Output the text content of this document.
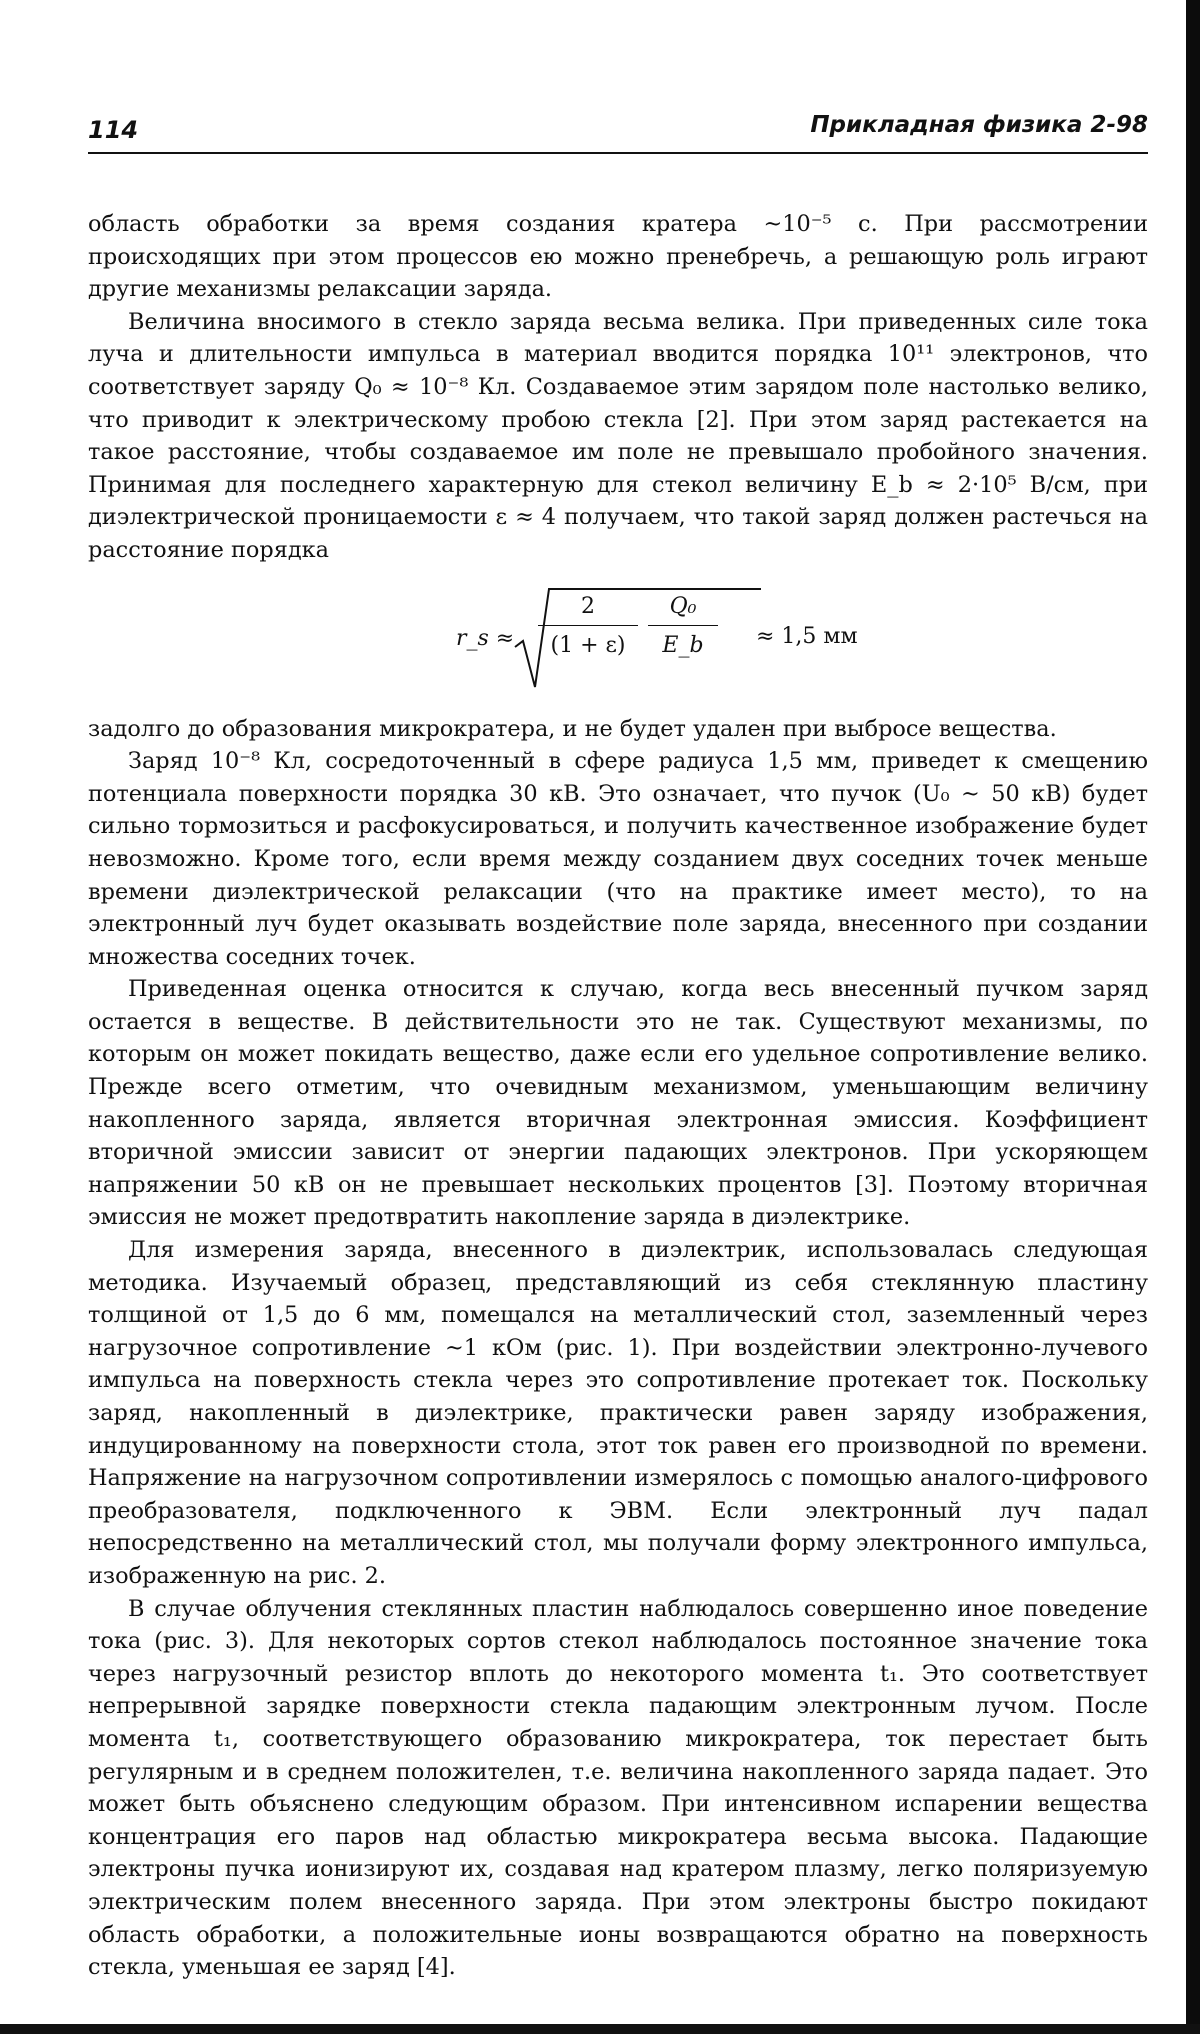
114	Прикладная физика 2-98

область обработки за время создания кратера ~10⁻⁵ с. При рассмотрении происходящих при этом процессов ею можно пренебречь, а решающую роль играют другие механизмы релаксации заряда.

Величина вносимого в стекло заряда весьма велика. При приведенных силе тока луча и длительности импульса в материал вводится порядка 10¹¹ электронов, что соответствует заряду Q₀ ≈ 10⁻⁸ Кл. Создаваемое этим зарядом поле настолько велико, что приводит к электрическому пробою стекла [2]. При этом заряд растекается на такое расстояние, чтобы создаваемое им поле не превышало пробойного значения. Принимая для последнего характерную для стекол величину E_b ≈ 2·10⁵ В/см, при диэлектрической проницаемости ε ≈ 4 получаем, что такой заряд должен растечься на расстояние порядка

r_s ≈ $\frac{2}{(1 + \varepsilon)} \frac{\text{Q₀}}{E\_b} \approx 1,5$ мм

задолго до образования микрократера, и не будет удален при выбросе вещества.

Заряд 10⁻⁸ Кл, сосредоточенный в сфере радиуса 1,5 мм, приведет к смещению потенциала поверхности порядка 30 кВ. Это означает, что пучок (U₀ ~ 50 кВ) будет сильно тормозиться и расфокусироваться, и получить качественное изображение будет невозможно. Кроме того, если время между созданием двух соседних точек меньше времени диэлектрической релаксации (что на практике имеет место), то на электронный луч будет оказывать воздействие поле заряда, внесенного при создании множества соседних точек.

Приведенная оценка относится к случаю, когда весь внесенный пучком заряд остается в веществе. В действительности это не так. Существуют механизмы, по которым он может покидать вещество, даже если его удельное сопротивление велико. Прежде всего отметим, что очевидным механизмом, уменьшающим величину накопленного заряда, является вторичная электронная эмиссия. Коэффициент вторичной эмиссии зависит от энергии падающих электронов. При ускоряющем напряжении 50 кВ он не превышает нескольких процентов [3]. Поэтому вторичная эмиссия не может предотвратить накопление заряда в диэлектрике.

Для измерения заряда, внесенного в диэлектрик, использовалась следующая методика. Изучаемый образец, представляющий из себя стеклянную пластину толщиной от 1,5 до 6 мм, помещался на металлический стол, заземленный через нагрузочное сопротивление ~1 кОм (рис. 1). При воздействии электронно-лучевого импульса на поверхность стекла через это сопротивление протекает ток. Поскольку заряд, накопленный в диэлектрике, практически равен заряду изображения, индуцированному на поверхности стола, этот ток равен его производной по времени. Напряжение на нагрузочном сопротивлении измерялось с помощью аналого-цифрового преобразователя, подключенного к ЭВМ. Если электронный луч падал непосредственно на металлический стол, мы получали форму электронного импульса, изображенную на рис. 2.

В случае облучения стеклянных пластин наблюдалось совершенно иное поведение тока (рис. 3). Для некоторых сортов стекол наблюдалось постоянное значение тока через нагрузочный резистор вплоть до некоторого момента t₁. Это соответствует непрерывной зарядке поверхности стекла падающим электронным лучом. После момента t₁, соответствующего образованию микрократера, ток перестает быть регулярным и в среднем положителен, т.е. величина накопленного заряда падает. Это может быть объяснено следующим образом. При интенсивном испарении вещества концентрация его паров над областью микрократера весьма высока. Падающие электроны пучка ионизируют их, создавая над кратером плазму, легко поляризуемую электрическим полем внесенного заряда. При этом электроны быстро покидают область обработки, а положительные ионы возвращаются обратно на поверхность стекла, уменьшая ее заряд [4].
